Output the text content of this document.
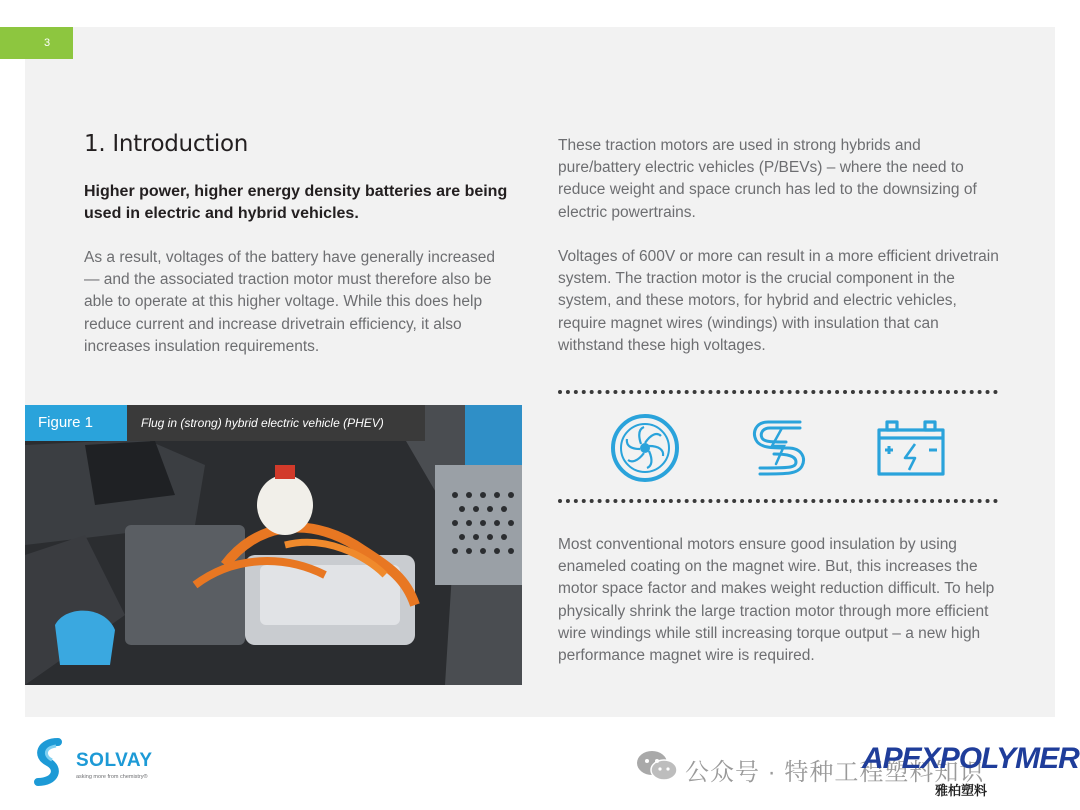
3
1. Introduction
Higher power, higher energy density batteries are being used in electric and hybrid vehicles.

As a result, voltages of the battery have generally increased — and the associated traction motor must therefore also be able to operate at this higher voltage. While this does help reduce current and increase drivetrain efficiency, it also increases insulation requirements.

These traction motors are used in strong hybrids and pure/battery electric vehicles (P/BEVs) – where the need to reduce weight and space crunch has led to the downsizing of electric powertrains.

Voltages of 600V or more can result in a more efficient drivetrain system. The traction motor is the crucial component in the system, and these motors, for hybrid and electric vehicles, require magnet wires (windings) with insulation that can withstand these high voltages.

Most conventional motors ensure good insulation by using enameled coating on the magnet wire. But, this increases the motor space factor and makes weight reduction difficult. To help physically shrink the large traction motor through more efficient wire windings while still increasing torque output – a new high performance magnet wire is required.

Figure 1	Flug in (strong) hybrid electric vehicle (PHEV)
SOLVAY
asking more from chemistry®	公众号 · 特种工程塑料知识
APEXPOLYMER
雅柏塑料
